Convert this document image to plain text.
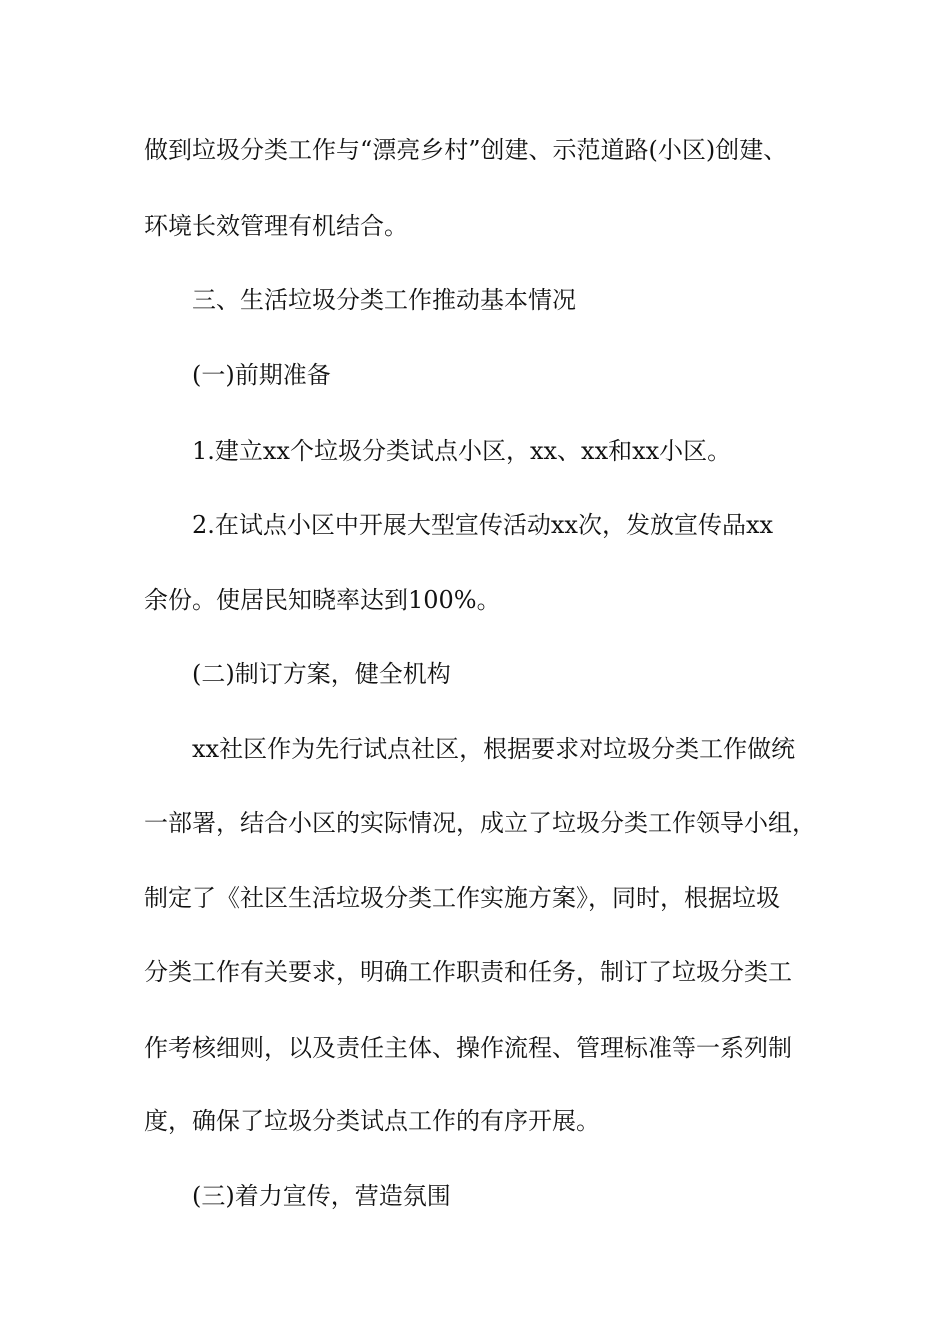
做到垃圾分类工作与“漂亮乡村”创建、示范道路(小区)创建、
环境长效管理有机结合。
三、生活垃圾分类工作推动基本情况
(一)前期准备
1.建立xx个垃圾分类试点小区，xx、xx和xx小区。
2.在试点小区中开展大型宣传活动xx次，发放宣传品xx
余份。使居民知晓率达到100%。
(二)制订方案，健全机构
xx社区作为先行试点社区，根据要求对垃圾分类工作做统
一部署，结合小区的实际情况，成立了垃圾分类工作领导小组，
制定了《社区生活垃圾分类工作实施方案》，同时，根据垃圾
分类工作有关要求，明确工作职责和任务，制订了垃圾分类工
作考核细则，以及责任主体、操作流程、管理标准等一系列制
度，确保了垃圾分类试点工作的有序开展。
(三)着力宣传，营造氛围
